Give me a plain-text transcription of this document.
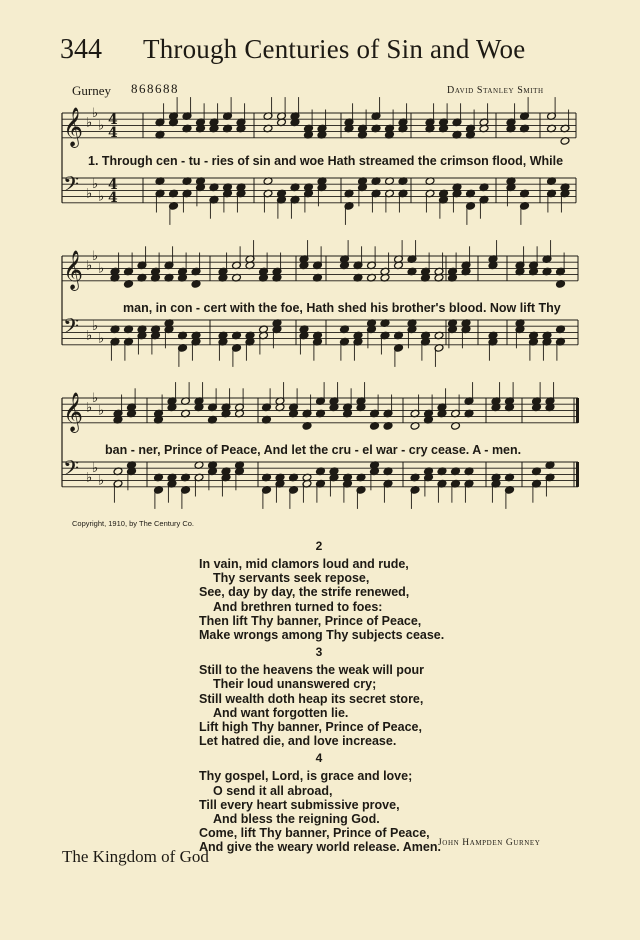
344 Through Centuries of Sin and Woe
Gurney 868688	David Stanley Smith
𝄞 ♭
♭
♭ 4
4
𝄢 ♭
♭
♭
4
4
𝄞 ♭
♭
♭
𝄢 ♭
♭
♭
𝄞 ♭
♭
♭
𝄢 ♭
♭
♭
1. Through cen - tu - ries of sin and woe Hath streamed the crimson flood, While
man, in con - cert with the foe, Hath shed his brother's blood. Now lift Thy
ban - ner, Prince of Peace, And let the cru - el war - cry cease. A - men.
Copyright, 1910, by The Century Co.
2
In vain, mid clamors loud and rude,
Thy servants seek repose,
See, day by day, the strife renewed,
And brethren turned to foes:
Then lift Thy banner, Prince of Peace,
Make wrongs among Thy subjects cease.
3
Still to the heavens the weak will pour
Their loud unanswered cry;
Still wealth doth heap its secret store,
And want forgotten lie.
Lift high Thy banner, Prince of Peace,
Let hatred die, and love increase.
4
Thy gospel, Lord, is grace and love;
O send it all abroad,
Till every heart submissive prove,
And bless the reigning God.
Come, lift Thy banner, Prince of Peace,
And give the weary world release. Amen.
John Hampden Gurney
The Kingdom of God
